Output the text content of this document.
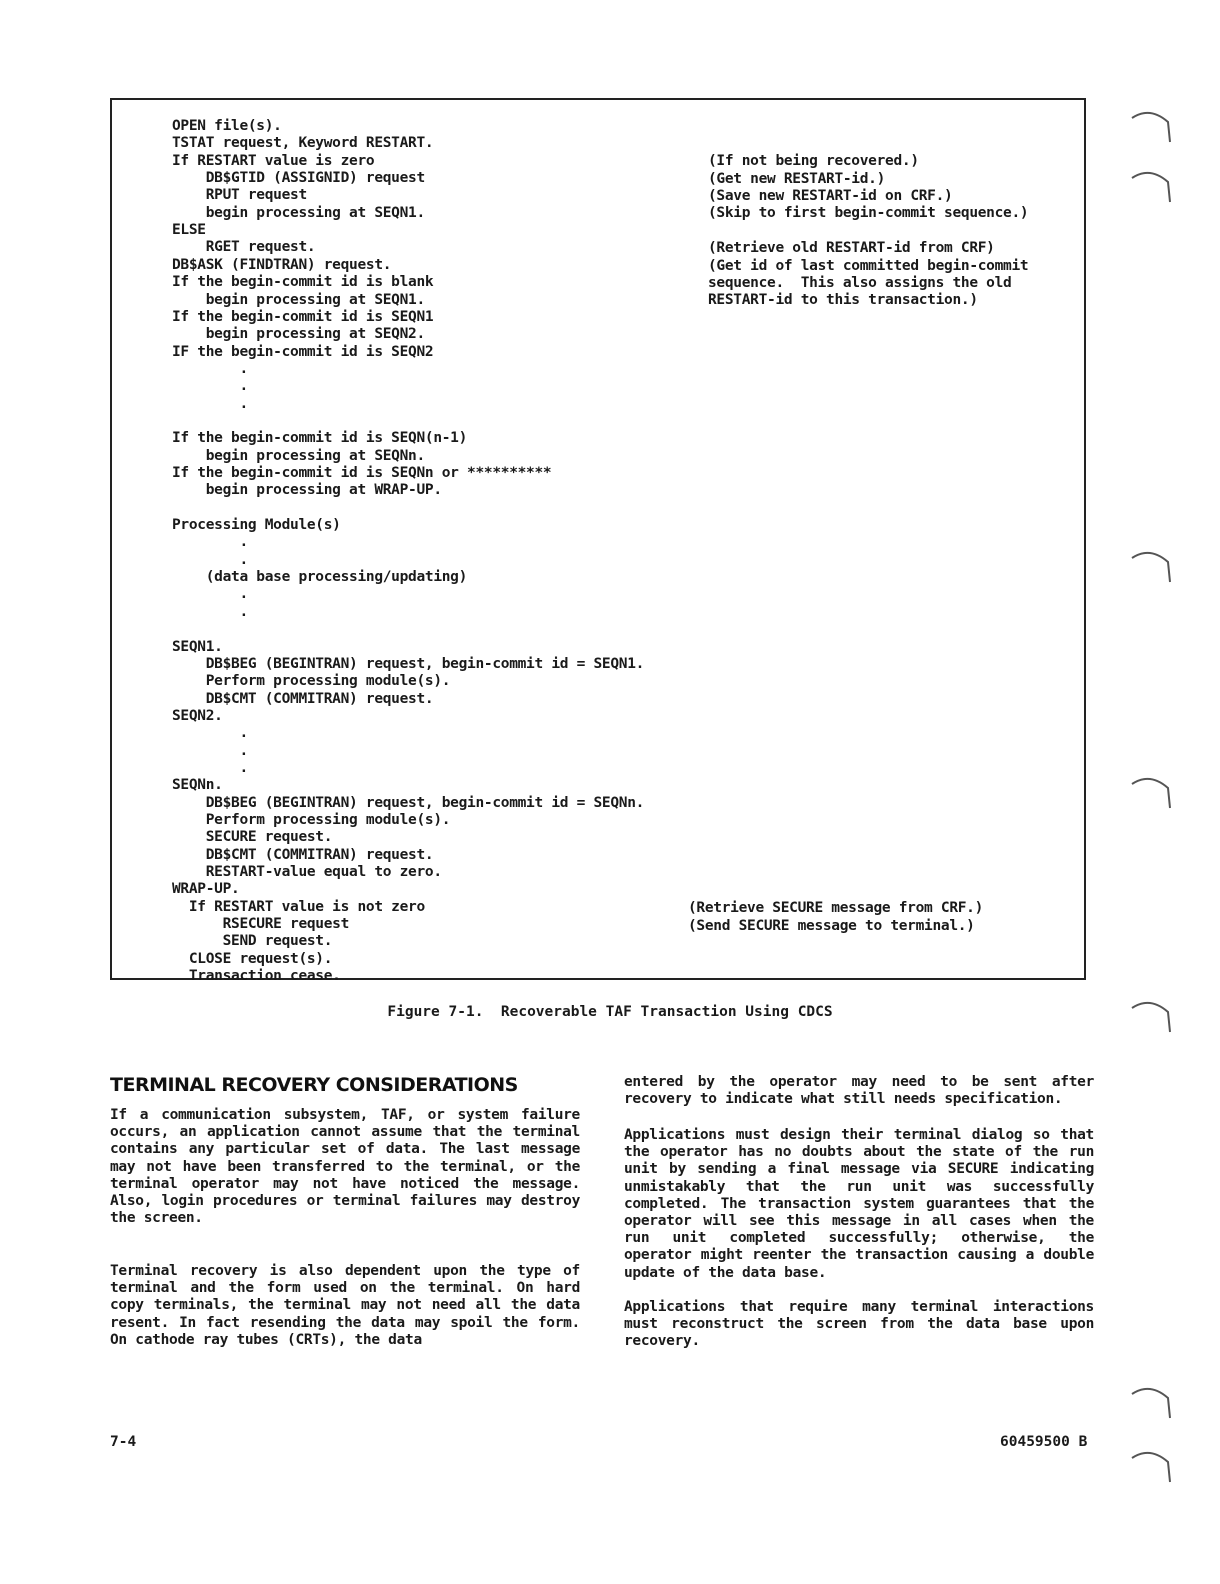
OPEN file(s).
TSTAT request, Keyword RESTART.
If RESTART value is zero
DB$GTID (ASSIGNID) request
RPUT request
begin processing at SEQN1.
ELSE
RGET request.
DB$ASK (FINDTRAN) request.
If the begin-commit id is blank
begin processing at SEQN1.
If the begin-commit id is SEQN1
begin processing at SEQN2.
IF the begin-commit id is SEQN2
.
.
.
If the begin-commit id is SEQN(n-1)
begin processing at SEQNn.
If the begin-commit id is SEQNn or **********
begin processing at WRAP-UP.
Processing Module(s)
.
.
(data base processing/updating)
.
.
SEQN1.
DB$BEG (BEGINTRAN) request, begin-commit id = SEQN1.
Perform processing module(s).
DB$CMT (COMMITRAN) request.
SEQN2.
.
.
.
SEQNn.
DB$BEG (BEGINTRAN) request, begin-commit id = SEQNn.
Perform processing module(s).
SECURE request.
DB$CMT (COMMITRAN) request.
RESTART-value equal to zero.
WRAP-UP.
If RESTART value is not zero
RSECURE request
SEND request.
CLOSE request(s).
Transaction cease.
(If not being recovered.)
(Get new RESTART-id.)
(Save new RESTART-id on CRF.)
(Skip to first begin-commit sequence.)
(Retrieve old RESTART-id from CRF)
(Get id of last committed begin-commit
sequence.  This also assigns the old
RESTART-id to this transaction.)
(Retrieve SECURE message from CRF.)
(Send SECURE message to terminal.)
Figure 7-1.  Recoverable TAF Transaction Using CDCS
TERMINAL RECOVERY CONSIDERATIONS
If a communication subsystem, TAF, or system failure occurs, an application cannot assume that the terminal contains any particular set of data. The last message may not have been transferred to the terminal, or the terminal operator may not have noticed the message. Also, login procedures or terminal failures may destroy the screen.
Terminal recovery is also dependent upon the type of terminal and the form used on the terminal. On hard copy terminals, the terminal may not need all the data resent. In fact resending the data may spoil the form. On cathode ray tubes (CRTs), the data
entered by the operator may need to be sent after recovery to indicate what still needs specification.
Applications must design their terminal dialog so that the operator has no doubts about the state of the run unit by sending a final message via SECURE indicating unmistakably that the run unit was successfully completed. The transaction system guarantees that the operator will see this message in all cases when the run unit completed successfully; otherwise, the operator might reenter the transaction causing a double update of the data base.
Applications that require many terminal interactions must reconstruct the screen from the data base upon recovery.
7-4	60459500 B
